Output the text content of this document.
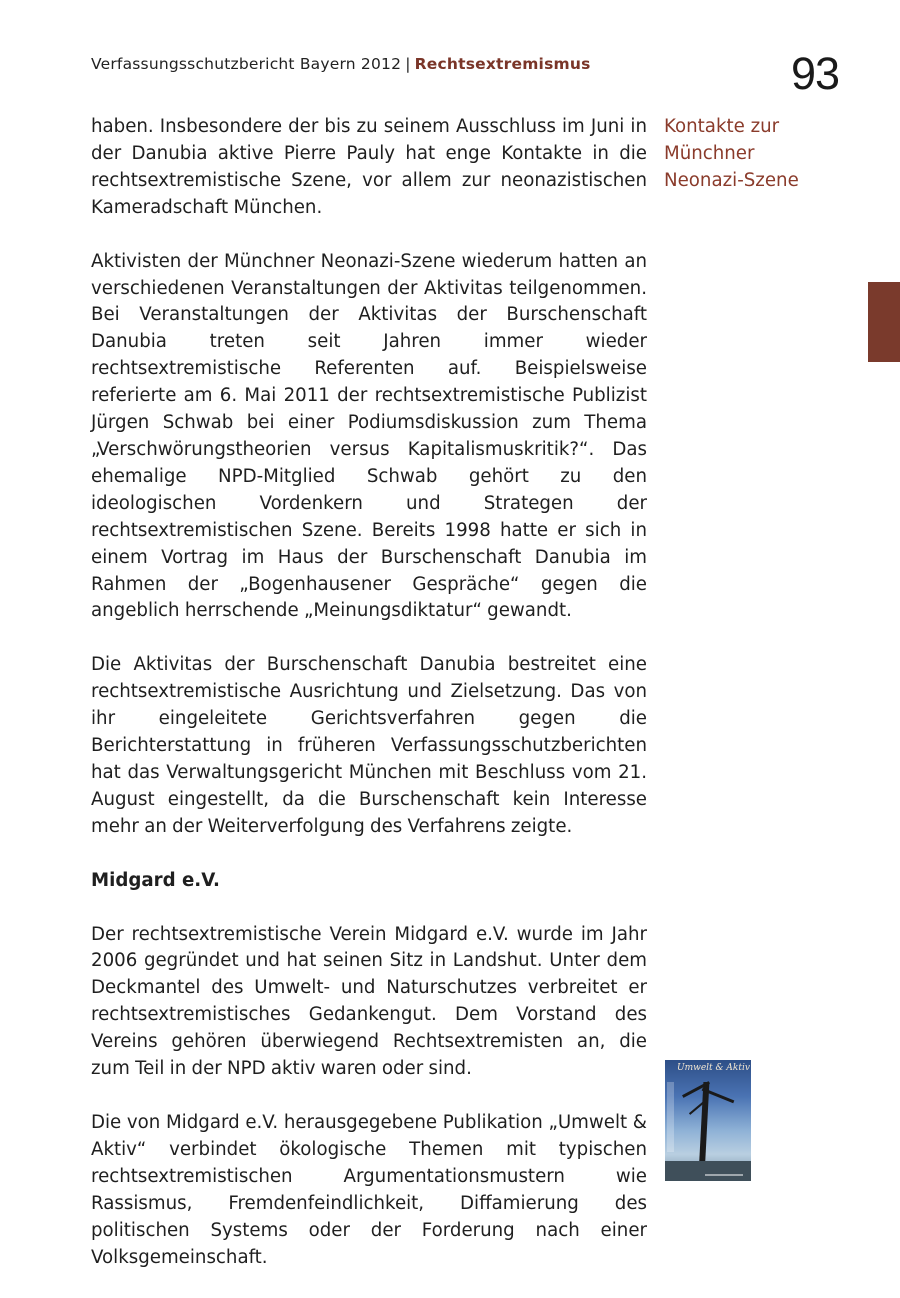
Verfassungsschutzbericht Bayern 2012 | Rechtsextremismus	93
Kontakte zur
Münchner
Neonazi-Szene

haben. Insbesondere der bis zu seinem Ausschluss im Juni in der Danubia aktive Pierre Pauly hat enge Kontakte in die rechtsextremistische Szene, vor allem zur neonazistischen Kameradschaft München.

Aktivisten der Münchner Neonazi-Szene wiederum hatten an verschiedenen Veranstaltungen der Aktivitas teilgenommen. Bei Veranstaltungen der Aktivitas der Burschenschaft Danubia treten seit Jahren immer wieder rechtsextremistische Referenten auf. Beispielsweise referierte am 6. Mai 2011 der rechtsextremistische Publizist Jürgen Schwab bei einer Podiumsdiskussion zum Thema „Verschwörungstheorien versus Kapitalismuskritik?“. Das ehemalige NPD-Mitglied Schwab gehört zu den ideologischen Vordenkern und Strategen der rechtsextremistischen Szene. Bereits 1998 hatte er sich in einem Vortrag im Haus der Burschenschaft Danubia im Rahmen der „Bogenhausener Gespräche“ gegen die angeblich herrschende „Meinungsdiktatur“ gewandt.

Die Aktivitas der Burschenschaft Danubia bestreitet eine rechtsextremistische Ausrichtung und Zielsetzung. Das von ihr eingeleitete Gerichtsverfahren gegen die Berichterstattung in früheren Verfassungsschutzberichten hat das Verwaltungsgericht München mit Beschluss vom 21. August eingestellt, da die Burschenschaft kein Interesse mehr an der Weiterverfolgung des Verfahrens zeigte.

Midgard e.V.

Der rechtsextremistische Verein Midgard e.V. wurde im Jahr 2006 gegründet und hat seinen Sitz in Landshut. Unter dem Deckmantel des Umwelt- und Naturschutzes verbreitet er rechtsextremistisches Gedankengut. Dem Vorstand des Vereins gehören überwiegend Rechtsextremisten an, die zum Teil in der NPD aktiv waren oder sind.

Die von Midgard e.V. herausgegebene Publikation „Umwelt & Aktiv“ verbindet ökologische Themen mit typischen rechtsextremistischen Argumentationsmustern wie Rassismus, Fremdenfeindlichkeit, Diffamierung des politischen Systems oder der Forderung nach einer Volksgemeinschaft.

Umwelt & Aktiv
